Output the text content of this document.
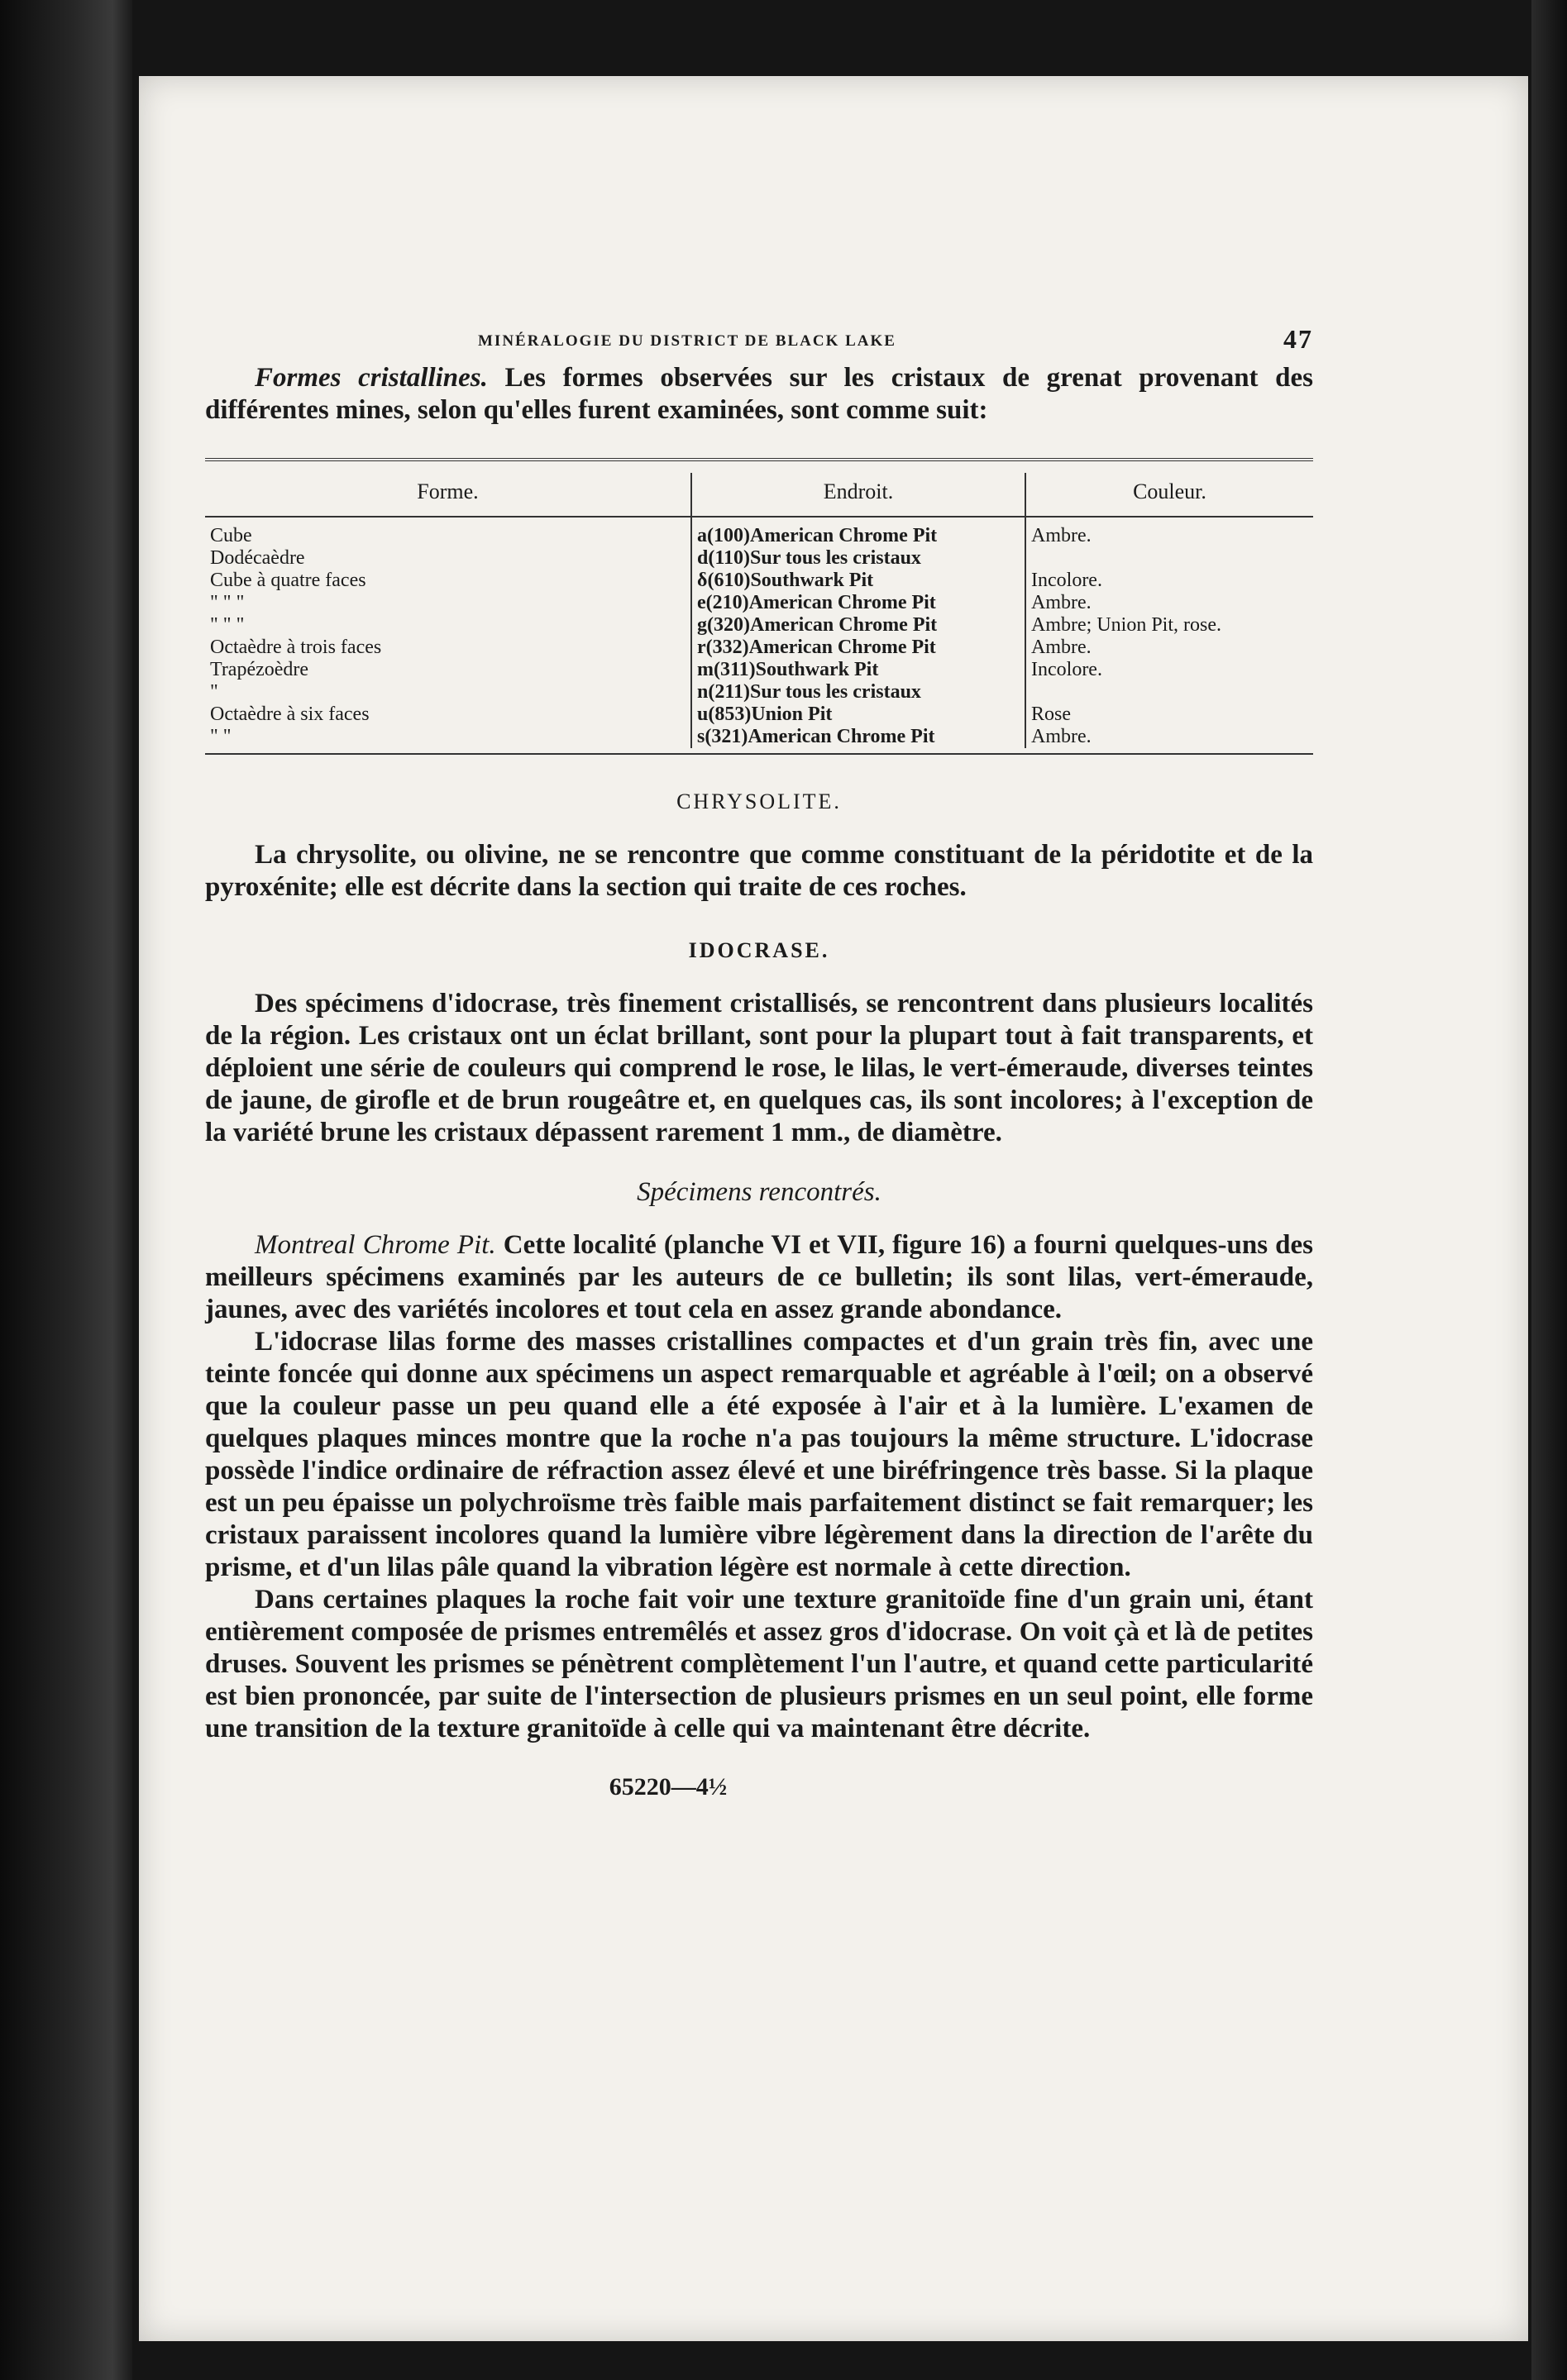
MINÉRALOGIE DU DISTRICT DE BLACK LAKE	47

Formes cristallines. Les formes observées sur les cristaux de grenat provenant des différentes mines, selon qu'elles furent examinées, sont comme suit:

Forme.	Endroit.	Couleur.

Cube	a(100)American Chrome Pit	Ambre.
Dodécaèdre	d(110)Sur tous les cristaux	
Cube à quatre faces	δ(610)Southwark Pit	Incolore.
" " "	e(210)American Chrome Pit	Ambre.
" " "	g(320)American Chrome Pit	Ambre; Union Pit, rose.
Octaèdre à trois faces	r(332)American Chrome Pit	Ambre.
Trapézoèdre	m(311)Southwark Pit	Incolore.
"	n(211)Sur tous les cristaux	
Octaèdre à six faces	u(853)Union Pit	Rose
" "	s(321)American Chrome Pit	Ambre.
CHRYSOLITE.

La chrysolite, ou olivine, ne se rencontre que comme constituant de la péridotite et de la pyroxénite; elle est décrite dans la section qui traite de ces roches.

IDOCRASE.

Des spécimens d'idocrase, très finement cristallisés, se rencontrent dans plusieurs localités de la région. Les cristaux ont un éclat brillant, sont pour la plupart tout à fait transparents, et déploient une série de couleurs qui comprend le rose, le lilas, le vert-émeraude, diverses teintes de jaune, de girofle et de brun rougeâtre et, en quelques cas, ils sont incolores; à l'exception de la variété brune les cristaux dépassent rarement 1 mm., de diamètre.

Spécimens rencontrés.

Montreal Chrome Pit. Cette localité (planche VI et VII, figure 16) a fourni quelques-uns des meilleurs spécimens examinés par les auteurs de ce bulletin; ils sont lilas, vert-émeraude, jaunes, avec des variétés incolores et tout cela en assez grande abondance.

L'idocrase lilas forme des masses cristallines compactes et d'un grain très fin, avec une teinte foncée qui donne aux spécimens un aspect remarquable et agréable à l'œil; on a observé que la couleur passe un peu quand elle a été exposée à l'air et à la lumière. L'examen de quelques plaques minces montre que la roche n'a pas toujours la même structure. L'idocrase possède l'indice ordinaire de réfraction assez élevé et une biréfringence très basse. Si la plaque est un peu épaisse un polychroïsme très faible mais parfaitement distinct se fait remarquer; les cristaux paraissent incolores quand la lumière vibre légèrement dans la direction de l'arête du prisme, et d'un lilas pâle quand la vibration légère est normale à cette direction.

Dans certaines plaques la roche fait voir une texture granitoïde fine d'un grain uni, étant entièrement composée de prismes entremêlés et assez gros d'idocrase. On voit çà et là de petites druses. Souvent les prismes se pénètrent complètement l'un l'autre, et quand cette particularité est bien prononcée, par suite de l'intersection de plusieurs prismes en un seul point, elle forme une transition de la texture granitoïde à celle qui va maintenant être décrite.

65220—4½
